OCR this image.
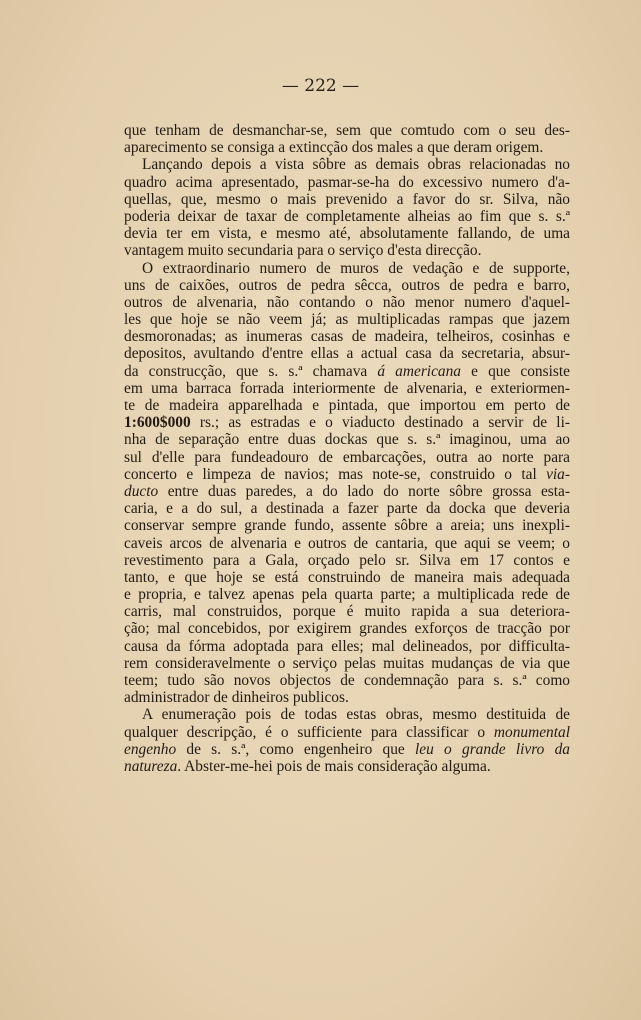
— 222 —
que tenham de desmanchar-se, sem que comtudo com o seu des-
aparecimento se consiga a extincção dos males a que deram origem.
Lançando depois a vista sôbre as demais obras relacionadas no
quadro acima apresentado, pasmar-se-ha do excessivo numero d'a-
quellas, que, mesmo o mais prevenido a favor do sr. Silva, não
poderia deixar de taxar de completamente alheias ao fim que s. s.ª
devia ter em vista, e mesmo até, absolutamente fallando, de uma
vantagem muito secundaria para o serviço d'esta direcção.
O extraordinario numero de muros de vedação e de supporte,
uns de caixões, outros de pedra sêcca, outros de pedra e barro,
outros de alvenaria, não contando o não menor numero d'aquel-
les que hoje se não veem já; as multiplicadas rampas que jazem
desmoronadas; as inumeras casas de madeira, telheiros, cosinhas e
depositos, avultando d'entre ellas a actual casa da secretaria, absur-
da construcção, que s. s.ª chamava á americana e que consiste
em uma barraca forrada interiormente de alvenaria, e exteriormen-
te de madeira apparelhada e pintada, que importou em perto de
1:600$000 rs.; as estradas e o viaducto destinado a servir de li-
nha de separação entre duas dockas que s. s.ª imaginou, uma ao
sul d'elle para fundeadouro de embarcações, outra ao norte para
concerto e limpeza de navios; mas note-se, construido o tal via-
ducto entre duas paredes, a do lado do norte sôbre grossa esta-
caria, e a do sul, a destinada a fazer parte da docka que deveria
conservar sempre grande fundo, assente sôbre a areia; uns inexpli-
caveis arcos de alvenaria e outros de cantaria, que aqui se veem; o
revestimento para a Gala, orçado pelo sr. Silva em 17 contos e
tanto, e que hoje se está construindo de maneira mais adequada
e propria, e talvez apenas pela quarta parte; a multiplicada rede de
carris, mal construidos, porque é muito rapida a sua deteriora-
ção; mal concebidos, por exigirem grandes exforços de tracção por
causa da fórma adoptada para elles; mal delineados, por difficulta-
rem consideravelmente o serviço pelas muitas mudanças de via que
teem; tudo são novos objectos de condemnação para s. s.ª como
administrador de dinheiros publicos.
A enumeração pois de todas estas obras, mesmo destituida de
qualquer descripção, é o sufficiente para classificar o monumental
engenho de s. s.ª, como engenheiro que leu o grande livro da
natureza. Abster-me-hei pois de mais consideração alguma.
